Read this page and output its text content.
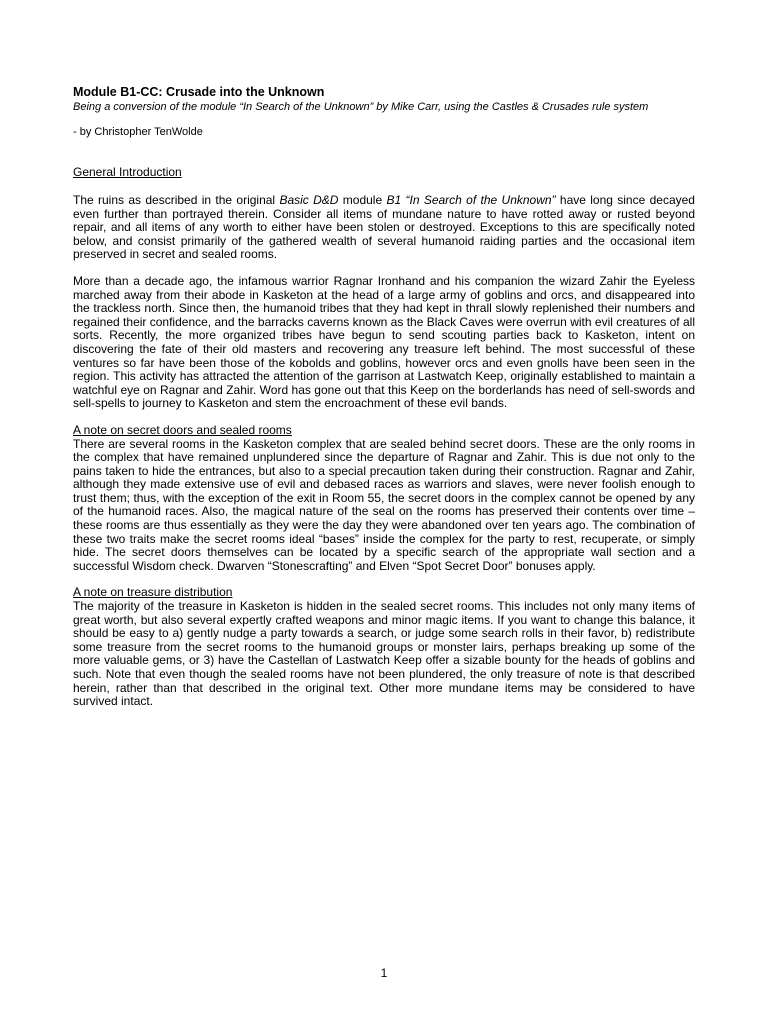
Module B1-CC: Crusade into the Unknown

Being a conversion of the module “In Search of the Unknown” by Mike Carr, using the Castles & Crusades rule system

- by Christopher TenWolde

General Introduction

The ruins as described in the original Basic D&D module B1 “In Search of the Unknown” have long since decayed even further than portrayed therein. Consider all items of mundane nature to have rotted away or rusted beyond repair, and all items of any worth to either have been stolen or destroyed. Exceptions to this are specifically noted below, and consist primarily of the gathered wealth of several humanoid raiding parties and the occasional item preserved in secret and sealed rooms.

More than a decade ago, the infamous warrior Ragnar Ironhand and his companion the wizard Zahir the Eyeless marched away from their abode in Kasketon at the head of a large army of goblins and orcs, and disappeared into the trackless north. Since then, the humanoid tribes that they had kept in thrall slowly replenished their numbers and regained their confidence, and the barracks caverns known as the Black Caves were overrun with evil creatures of all sorts. Recently, the more organized tribes have begun to send scouting parties back to Kasketon, intent on discovering the fate of their old masters and recovering any treasure left behind. The most successful of these ventures so far have been those of the kobolds and goblins, however orcs and even gnolls have been seen in the region. This activity has attracted the attention of the garrison at Lastwatch Keep, originally established to maintain a watchful eye on Ragnar and Zahir. Word has gone out that this Keep on the borderlands has need of sell-swords and sell-spells to journey to Kasketon and stem the encroachment of these evil bands.

A note on secret doors and sealed rooms

There are several rooms in the Kasketon complex that are sealed behind secret doors. These are the only rooms in the complex that have remained unplundered since the departure of Ragnar and Zahir. This is due not only to the pains taken to hide the entrances, but also to a special precaution taken during their construction. Ragnar and Zahir, although they made extensive use of evil and debased races as warriors and slaves, were never foolish enough to trust them; thus, with the exception of the exit in Room 55, the secret doors in the complex cannot be opened by any of the humanoid races. Also, the magical nature of the seal on the rooms has preserved their contents over time – these rooms are thus essentially as they were the day they were abandoned over ten years ago. The combination of these two traits make the secret rooms ideal “bases” inside the complex for the party to rest, recuperate, or simply hide. The secret doors themselves can be located by a specific search of the appropriate wall section and a successful Wisdom check. Dwarven “Stonescrafting” and Elven “Spot Secret Door” bonuses apply.

A note on treasure distribution

The majority of the treasure in Kasketon is hidden in the sealed secret rooms. This includes not only many items of great worth, but also several expertly crafted weapons and minor magic items. If you want to change this balance, it should be easy to a) gently nudge a party towards a search, or judge some search rolls in their favor, b) redistribute some treasure from the secret rooms to the humanoid groups or monster lairs, perhaps breaking up some of the more valuable gems, or 3) have the Castellan of Lastwatch Keep offer a sizable bounty for the heads of goblins and such. Note that even though the sealed rooms have not been plundered, the only treasure of note is that described herein, rather than that described in the original text. Other more mundane items may be considered to have survived intact.

1
